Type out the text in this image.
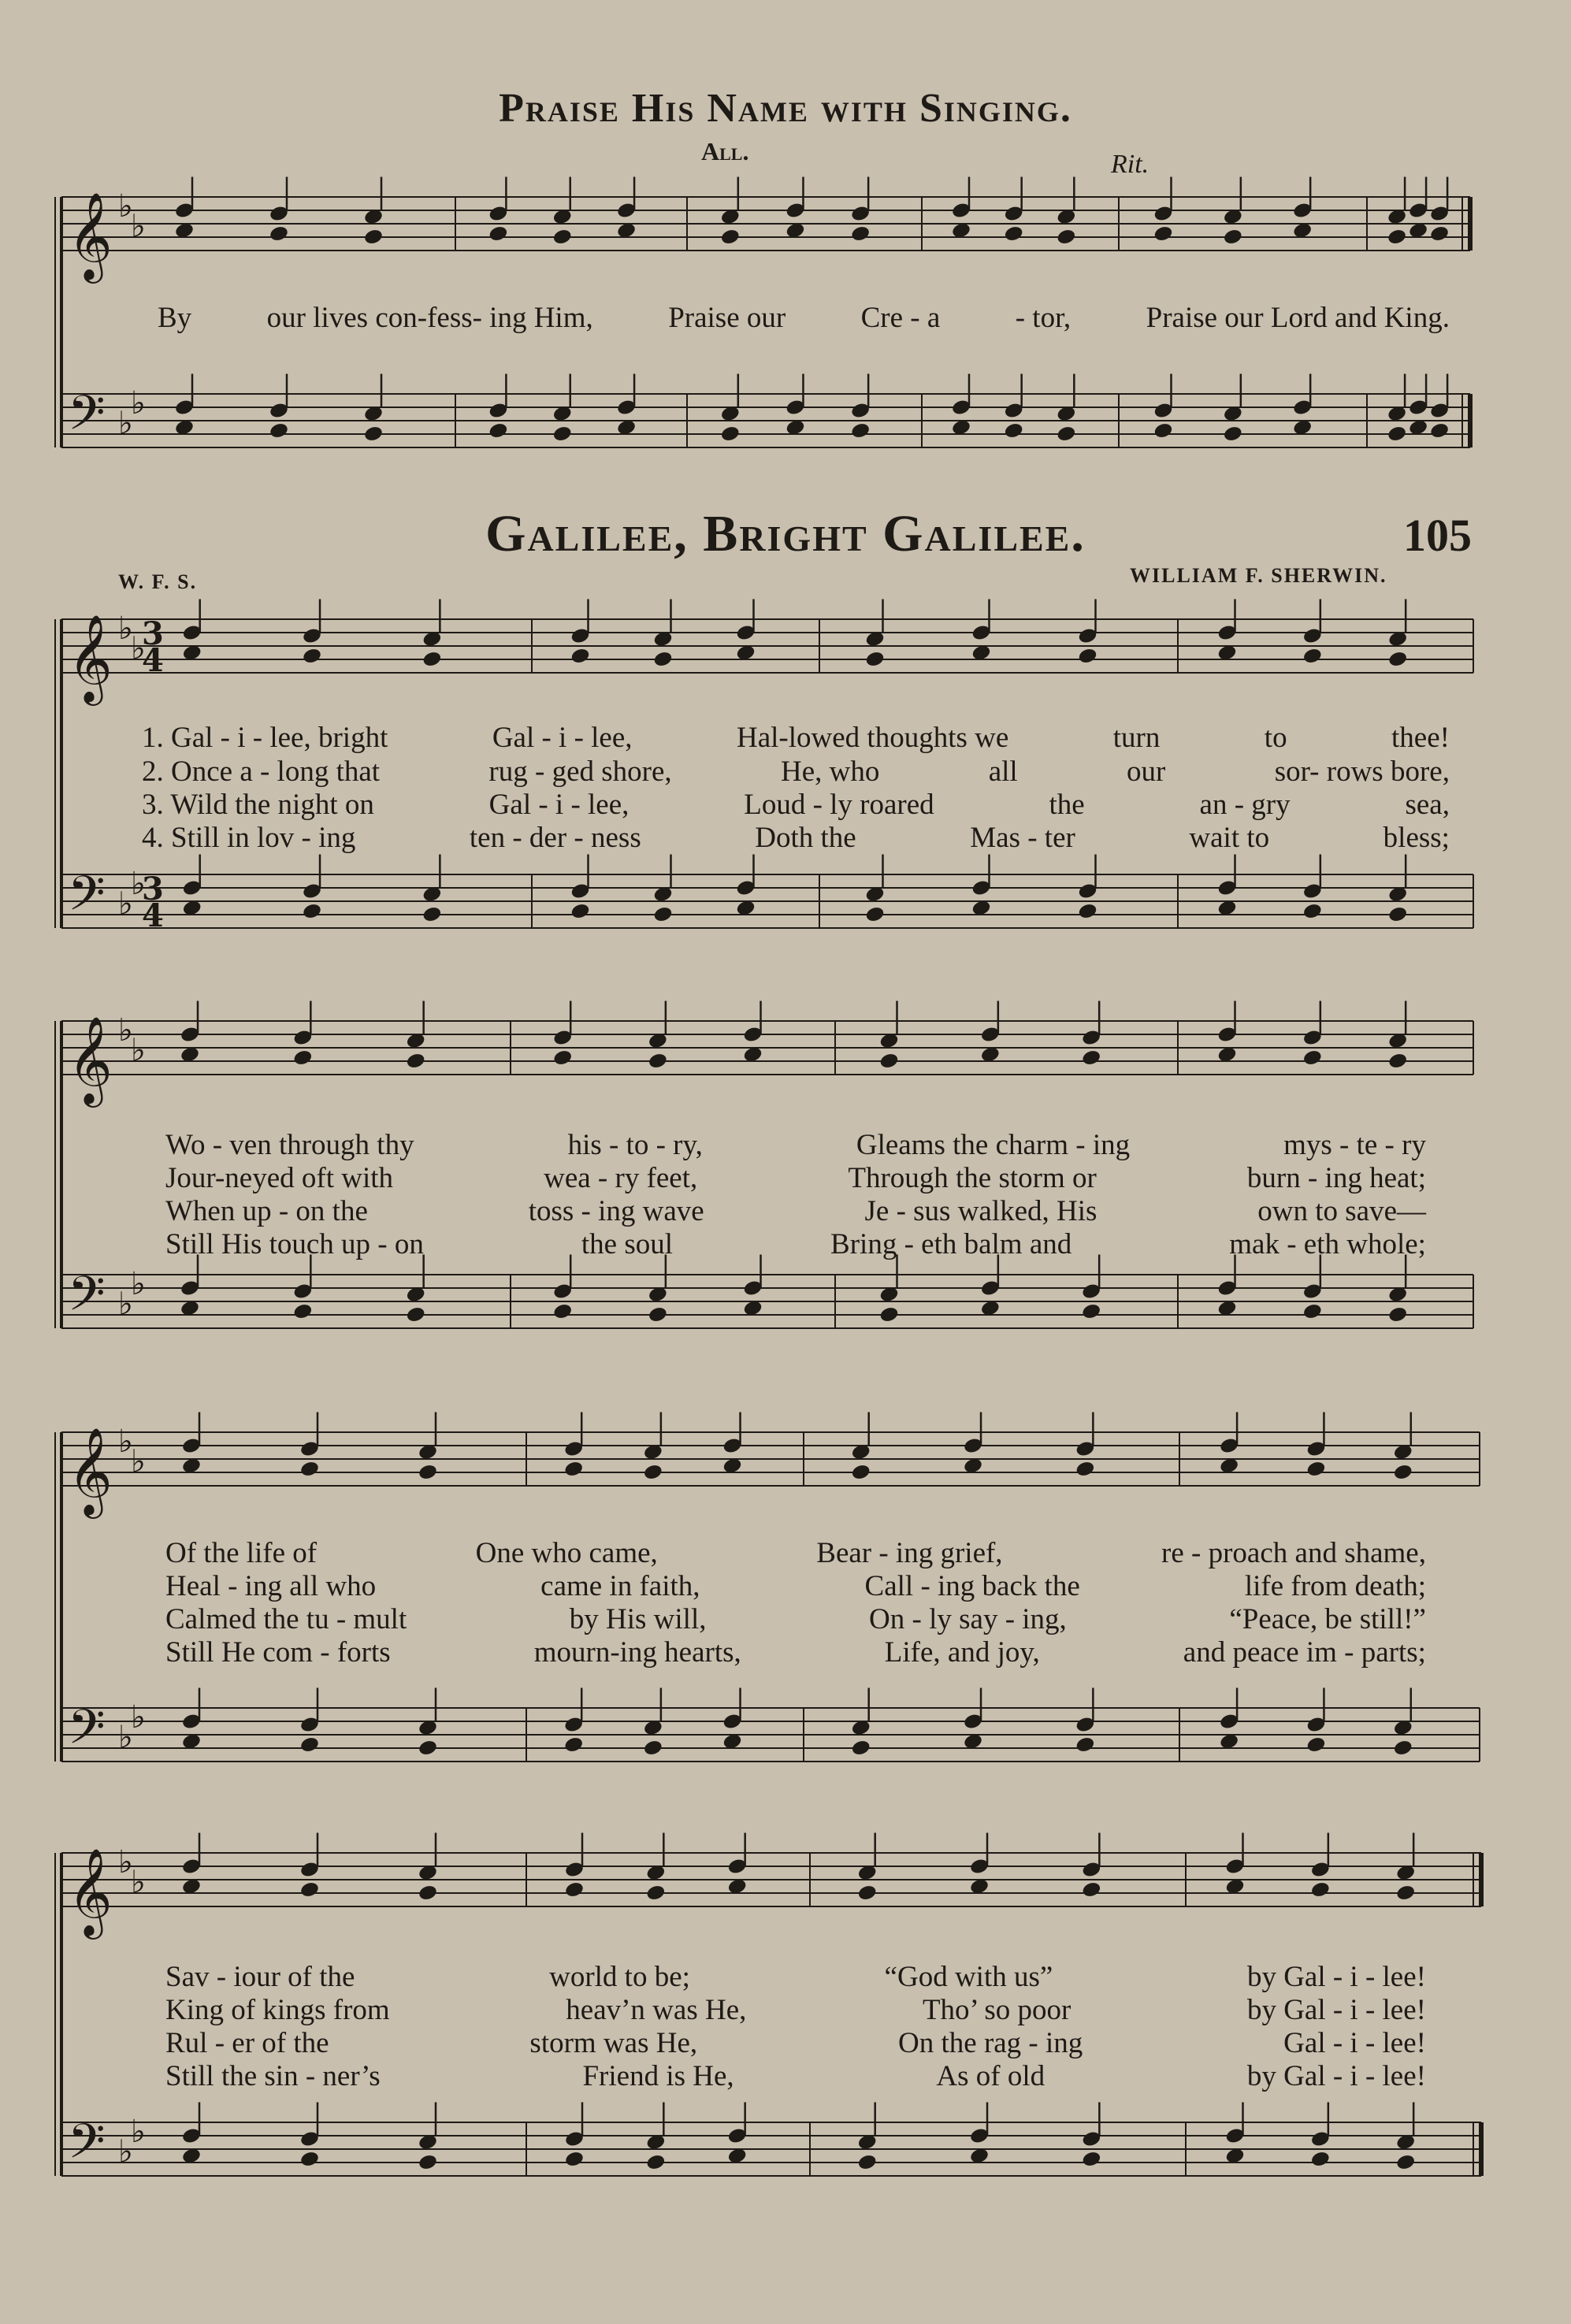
𝄞
𝄢
♭
♭
♭
♭
𝄞
𝄢
♭
♭
♭
♭
𝄞
𝄢
♭
♭
♭
♭
𝄞
𝄢
♭
♭
♭
♭
𝄞
𝄢
♭
♭
♭
♭
3
4
3
4
Praise His Name with Singing.
All.	Rit.
By	our lives con-fess- ing Him,	Praise our	Cre - a	- tor,	Praise our Lord and King.
Galilee, Bright Galilee.	105
W. F. S.	WILLIAM F. SHERWIN.
1. Gal - i - lee, bright	Gal - i - lee,	Hal-lowed thoughts we	turn	to	thee!
2. Once a - long that	rug - ged shore,	He, who	all	our	sor- rows bore,
3. Wild the night on	Gal - i - lee,	Loud - ly roared	the	an - gry	sea,
4. Still in lov - ing	ten - der - ness	Doth the	Mas - ter	wait to	bless;
Wo - ven through thy	his - to - ry,	Gleams the charm - ing	mys - te - ry
Jour-neyed oft with	wea - ry feet,	Through the storm or	burn - ing heat;
When up - on the	toss - ing wave	Je - sus walked, His	own to save—
Still His touch up - on	the soul	Bring - eth balm and	mak - eth whole;
Of the life of	One who came,	Bear - ing grief,	re - proach and shame,
Heal - ing all who	came in faith,	Call - ing back the	life from death;
Calmed the tu - mult	by His will,	On - ly say - ing,	“Peace, be still!”
Still He com - forts	mourn-ing hearts,	Life, and joy,	and peace im - parts;
Sav - iour of the	world to be;	“God with us”	by Gal - i - lee!
King of kings from	heav’n was He,	Tho’ so poor	by Gal - i - lee!
Rul - er of the	storm was He,	On the rag - ing	Gal - i - lee!
Still the sin - ner’s	Friend is He,	As of old	by Gal - i - lee!
